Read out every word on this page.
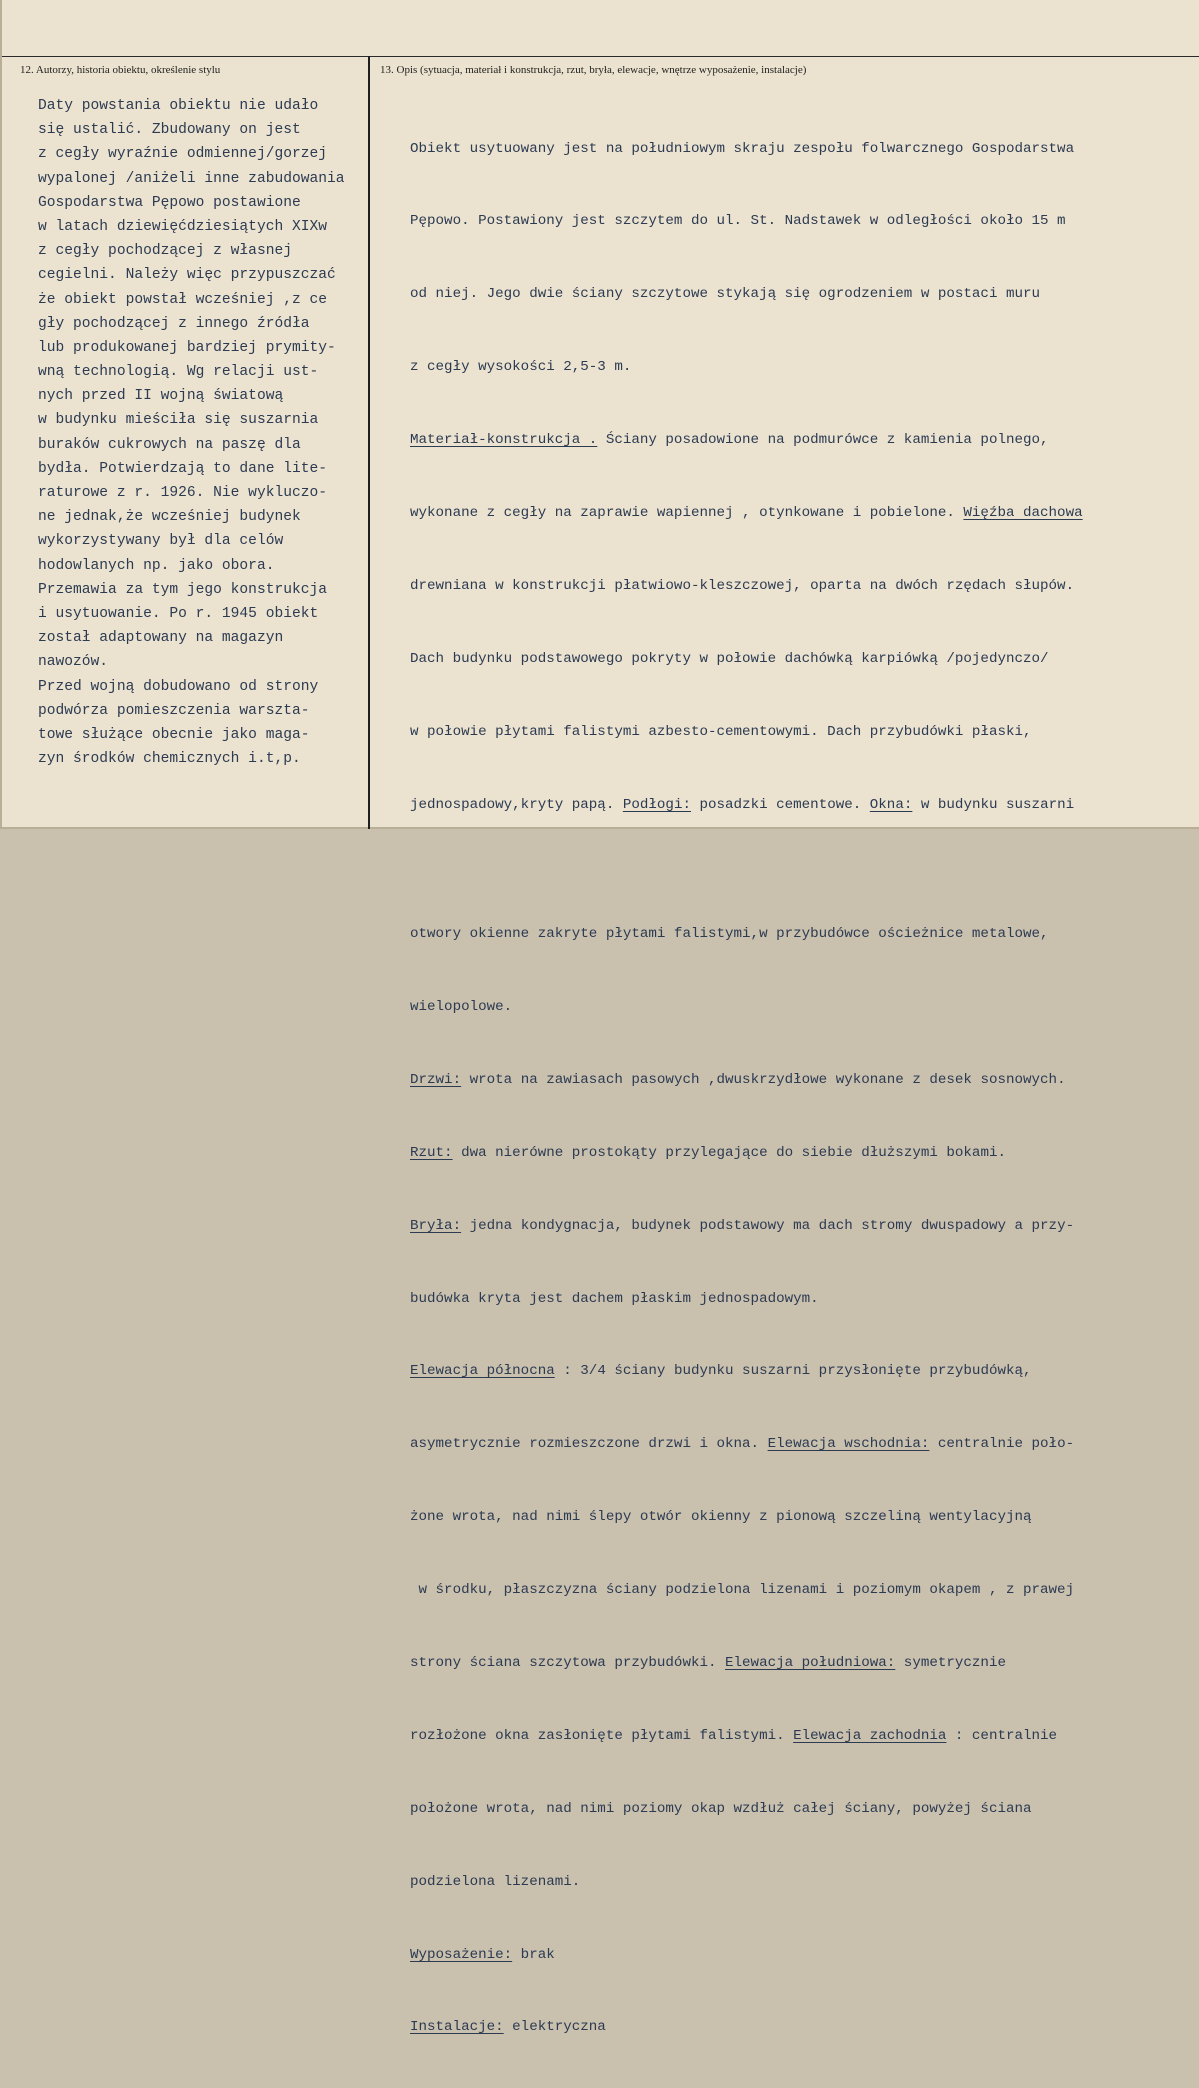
12. Autorzy, historia obiektu, określenie stylu	13. Opis (sytuacja, materiał i konstrukcja, rzut, bryła, elewacje, wnętrze wyposażenie, instalacje)
Daty powstania obiektu nie udało
się ustalić. Zbudowany on jest
z cegły wyraźnie odmiennej/gorzej
wypalonej /aniżeli inne zabudowania
Gospodarstwa Pępowo postawione
w latach dziewięćdziesiątych XIXw
z cegły pochodzącej z własnej
cegielni. Należy więc przypuszczać
że obiekt powstał wcześniej ,z ce
gły pochodzącej z innego źródła
lub produkowanej bardziej prymity-
wną technologią. Wg relacji ust-
nych przed II wojną światową
w budynku mieściła się suszarnia
buraków cukrowych na paszę dla
bydła. Potwierdzają to dane lite-
raturowe z r. 1926. Nie wykluczo-
ne jednak,że wcześniej budynek
wykorzystywany był dla celów
hodowlanych np. jako obora.
Przemawia za tym jego konstrukcja
i usytuowanie. Po r. 1945 obiekt
został adaptowany na magazyn
nawozów.
Przed wojną dobudowano od strony
podwórza pomieszczenia warszta-
towe służące obecnie jako maga-
zyn środków chemicznych i.t,p.

Obiekt usytuowany jest na południowym skraju zespołu folwarcznego Gospodarstwa

Pępowo. Postawiony jest szczytem do ul. St. Nadstawek w odległości około 15 m

od niej. Jego dwie ściany szczytowe stykają się ogrodzeniem w postaci muru

z cegły wysokości 2,5-3 m.

Materiał-konstrukcja . Ściany posadowione na podmurówce z kamienia polnego,

wykonane z cegły na zaprawie wapiennej , otynkowane i pobielone. Więźba dachowa

drewniana w konstrukcji płatwiowo-kleszczowej, oparta na dwóch rzędach słupów.

Dach budynku podstawowego pokryty w połowie dachówką karpiówką /pojedynczo/

w połowie płytami falistymi azbesto-cementowymi. Dach przybudówki płaski,

jednospadowy,kryty papą. Podłogi: posadzki cementowe. Okna: w budynku suszarni

otwory okienne zakryte płytami falistymi,w przybudówce ościeżnice metalowe,

wielopolowe.

Drzwi: wrota na zawiasach pasowych ,dwuskrzydłowe wykonane z desek sosnowych.

Rzut: dwa nierówne prostokąty przylegające do siebie dłuższymi bokami.

Bryła: jedna kondygnacja, budynek podstawowy ma dach stromy dwuspadowy a przy-

budówka kryta jest dachem płaskim jednospadowym.

Elewacja północna : 3/4 ściany budynku suszarni przysłonięte przybudówką,

asymetrycznie rozmieszczone drzwi i okna. Elewacja wschodnia: centralnie poło-

żone wrota, nad nimi ślepy otwór okienny z pionową szczeliną wentylacyjną

w środku, płaszczyzna ściany podzielona lizenami i poziomym okapem , z prawej

strony ściana szczytowa przybudówki. Elewacja południowa: symetrycznie

rozłożone okna zasłonięte płytami falistymi. Elewacja zachodnia : centralnie

położone wrota, nad nimi poziomy okap wzdłuż całej ściany, powyżej ściana

podzielona lizenami.

Wyposażenie: brak

Instalacje: elektryczna
